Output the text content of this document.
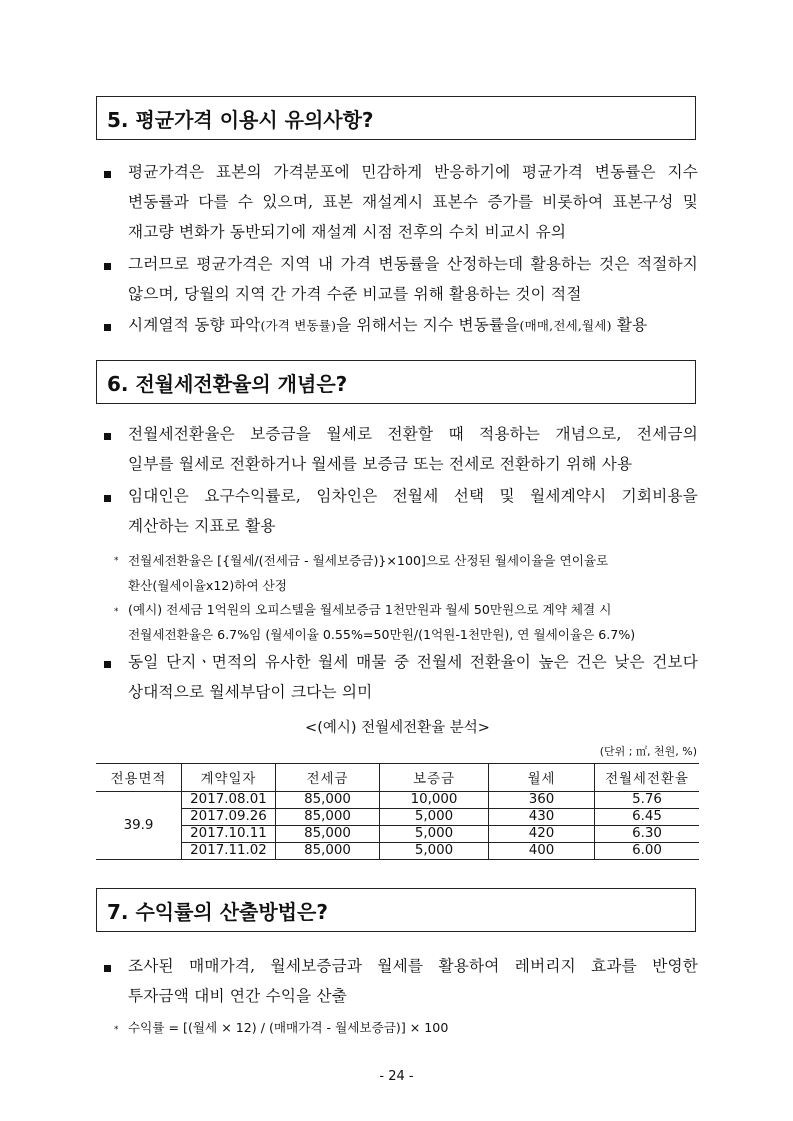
5. 평균가격 이용시 유의사항?
평균가격은 표본의 가격분포에 민감하게 반응하기에 평균가격 변동률은 지수
변동률과 다를 수 있으며, 표본 재설계시 표본수 증가를 비롯하여 표본구성 및
재고량 변화가 동반되기에 재설계 시점 전후의 수치 비교시 유의
그러므로 평균가격은 지역 내 가격 변동률을 산정하는데 활용하는 것은 적절하지
않으며, 당월의 지역 간 가격 수준 비교를 위해 활용하는 것이 적절
시계열적 동향 파악(가격 변동률)을 위해서는 지수 변동률을(매매,전세,월세) 활용
6. 전월세전환율의 개념은?
전월세전환율은 보증금을 월세로 전환할 때 적용하는 개념으로, 전세금의
일부를 월세로 전환하거나 월세를 보증금 또는 전세로 전환하기 위해 사용
임대인은 요구수익률로, 임차인은 전월세 선택 및 월세계약시 기회비용을
계산하는 지표로 활용
* 전월세전환율은 [{월세/(전세금 - 월세보증금)}×100]으로 산정된 월세이율을 연이율로
환산(월세이율x12)하여 산정
* (예시) 전세금 1억원의 오피스텔을 월세보증금 1천만원과 월세 50만원으로 계약 체결 시
전월세전환율은 6.7%임 (월세이율 0.55%=50만원/(1억원-1천만원), 연 월세이율은 6.7%)
동일 단지ㆍ면적의 유사한 월세 매물 중 전월세 전환율이 높은 건은 낮은 건보다
상대적으로 월세부담이 크다는 의미
<(예시) 전월세전환율 분석>
(단위 ; ㎡, 천원, %)
전용면적	계약일자	전세금	보증금	월세	전월세전환율
39.9	2017.08.01	85,000	10,000	360	5.76
	2017.09.26	85,000	5,000	430	6.45
	2017.10.11	85,000	5,000	420	6.30
	2017.11.02	85,000	5,000	400	6.00
7. 수익률의 산출방법은?
조사된 매매가격, 월세보증금과 월세를 활용하여 레버리지 효과를 반영한
투자금액 대비 연간 수익을 산출
* 수익률 = [(월세 × 12) / (매매가격 - 월세보증금)] × 100
- 24 -
